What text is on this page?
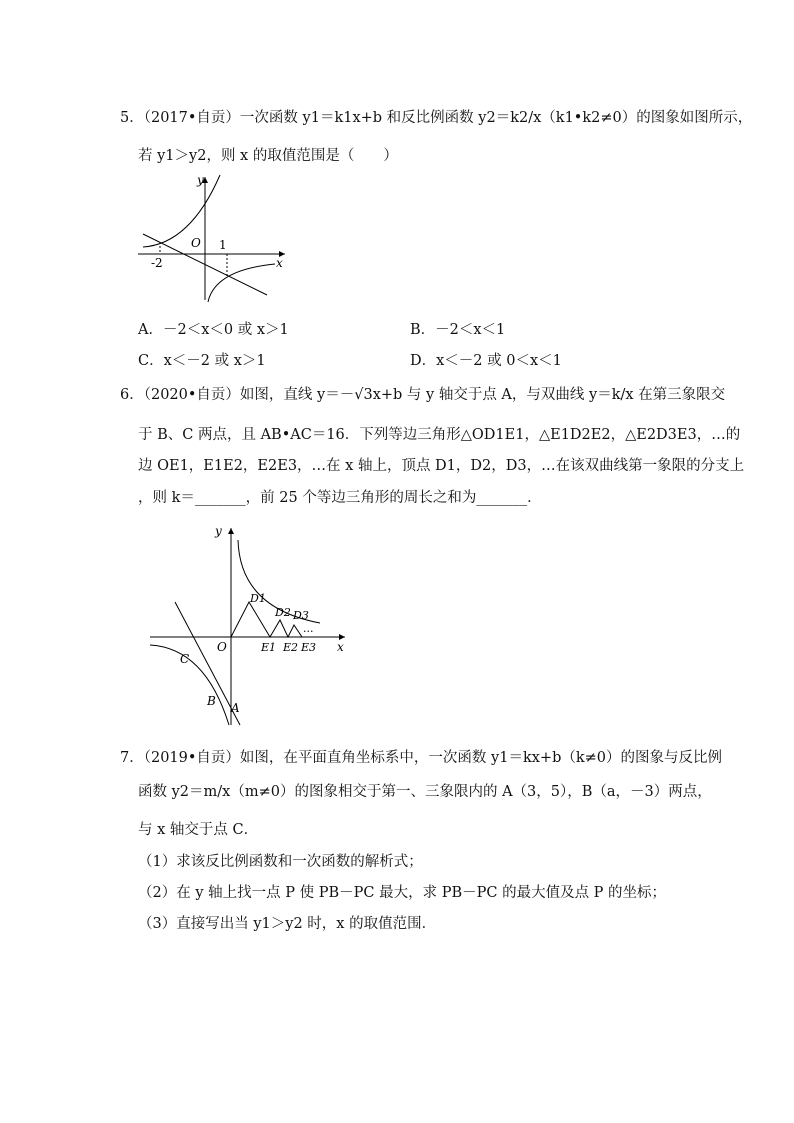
5．（2017•自贡）一次函数 y1＝k1x+b 和反比例函数 y2＝k2/x（k1•k2≠0）的图象如图所示，
若 y1＞y2，则 x 的取值范围是（　　）
y
x
O
-2
1
A．－2＜x＜0 或 x＞1	B．－2＜x＜1
C．x＜－2 或 x＞1	D．x＜－2 或 0＜x＜1
6．（2020•自贡）如图，直线 y＝－√3x+b 与 y 轴交于点 A，与双曲线 y＝k/x 在第三象限交
于 B、C 两点，且 AB•AC＝16．下列等边三角形△OD1E1，△E1D2E2，△E2D3E3，…的
边 OE1，E1E2，E2E3，…在 x 轴上，顶点 D1，D2，D3，…在该双曲线第一象限的分支上
，则 k＝_______，前 25 个等边三角形的周长之和为_______．
y
x
O
D1
D2 D3
···
E1 E2 E3
C
B A
7．（2019•自贡）如图，在平面直角坐标系中，一次函数 y1＝kx+b（k≠0）的图象与反比例
函数 y2＝m/x（m≠0）的图象相交于第一、三象限内的 A（3，5），B（a，－3）两点，
与 x 轴交于点 C．
（1）求该反比例函数和一次函数的解析式；
（2）在 y 轴上找一点 P 使 PB－PC 最大，求 PB－PC 的最大值及点 P 的坐标；
（3）直接写出当 y1＞y2 时，x 的取值范围．
